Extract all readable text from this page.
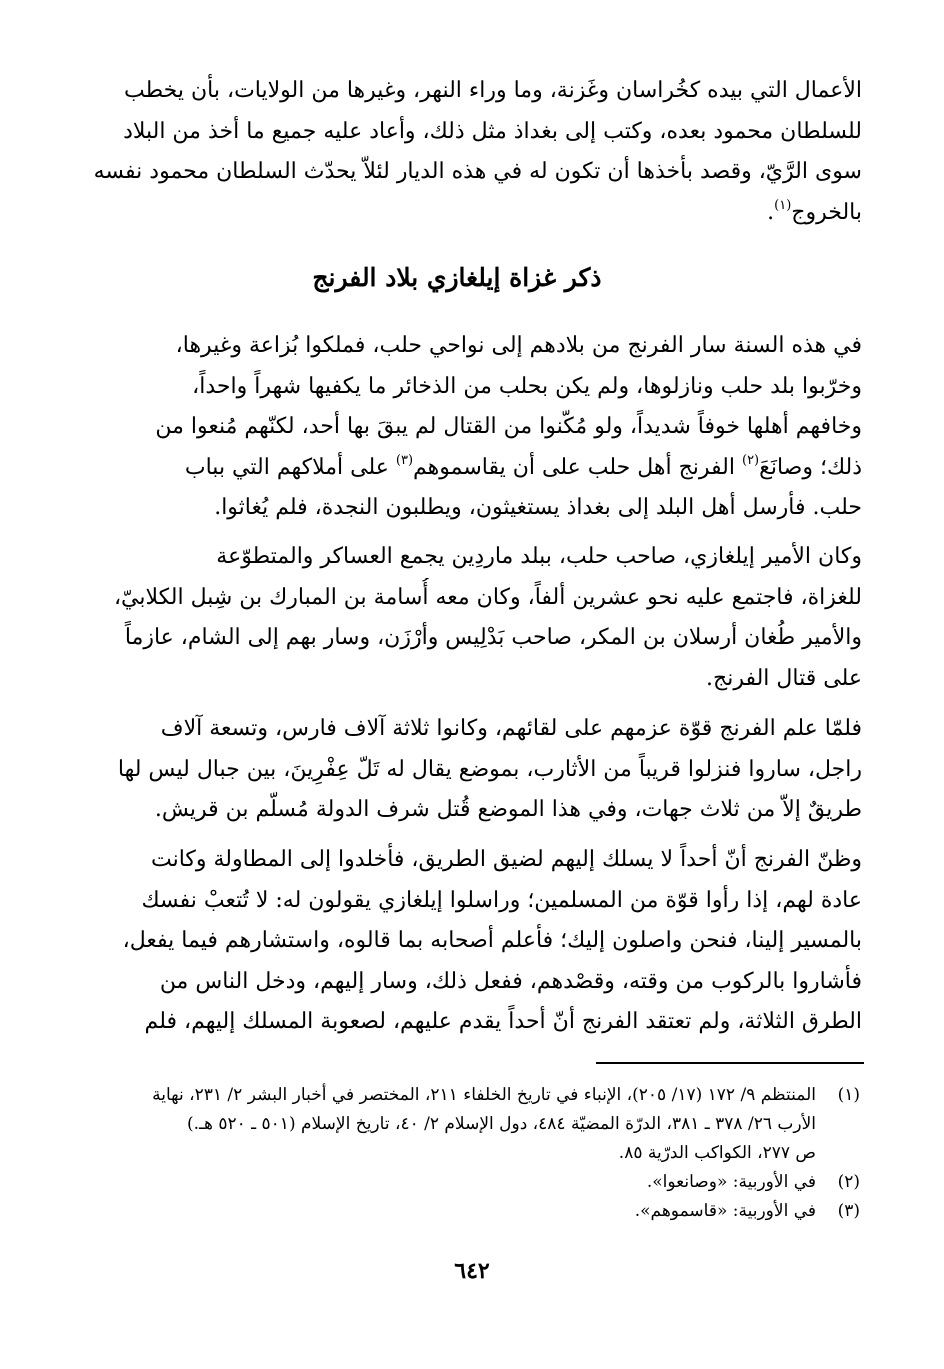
الأعمال التي بيده كخُراسان وغَزنة، وما وراء النهر، وغيرها من الولايات، بأن يخطب
للسلطان محمود بعده، وكتب إلى بغداذ مثل ذلك، وأعاد عليه جميع ما أخذ من البلاد
سوى الرَّيّ، وقصد بأخذها أن تكون له في هذه الديار لئلاّ يحدّث السلطان محمود نفسه
بالخروج$^{(١)}$.
ذكر غزاة إيلغازي بلاد الفرنج
في هذه السنة سار الفرنج من بلادهم إلى نواحي حلب، فملكوا بُزاعة وغيرها،
وخرّبوا بلد حلب ونازلوها، ولم يكن بحلب من الذخائر ما يكفيها شهراً واحداً،
وخافهم أهلها خوفاً شديداً، ولو مُكّنوا من القتال لم يبقَ بها أحد، لكنّهم مُنعوا من
ذلك؛ وصانَعَ$^{(٢)}$ الفرنج أهل حلب على أن يقاسموهم$^{(٣)}$ على أملاكهم التي بباب
حلب. فأرسل أهل البلد إلى بغداذ يستغيثون، ويطلبون النجدة، فلم يُغاثوا.
وكان الأمير إيلغازي، صاحب حلب، ببلد ماردِين يجمع العساكر والمتطوّعة
للغزاة، فاجتمع عليه نحو عشرين ألفاً، وكان معه أُسامة بن المبارك بن شِبل الكلابيّ،
والأمير طُغان أرسلان بن المكر، صاحب بَدْلِيس وأرْزَن، وسار بهم إلى الشام، عازماً
على قتال الفرنج.
فلمّا علم الفرنج قوّة عزمهم على لقائهم، وكانوا ثلاثة آلاف فارس، وتسعة آلاف
راجل، ساروا فنزلوا قريباً من الأثارب، بموضع يقال له تَلّ عِفْرِينَ، بين جبال ليس لها
طريقٌ إلاّ من ثلاث جهات، وفي هذا الموضع قُتل شرف الدولة مُسلّم بن قريش.
وظنّ الفرنج أنّ أحداً لا يسلك إليهم لضيق الطريق، فأخلدوا إلى المطاولة وكانت
عادة لهم، إذا رأوا قوّة من المسلمين؛ وراسلوا إيلغازي يقولون له: لا تُتعبْ نفسك
بالمسير إلينا، فنحن واصلون إليك؛ فأعلم أصحابه بما قالوه، واستشارهم فيما يفعل،
فأشاروا بالركوب من وقته، وقصْدهم، ففعل ذلك، وسار إليهم، ودخل الناس من
الطرق الثلاثة، ولم تعتقد الفرنج أنّ أحداً يقدم عليهم، لصعوبة المسلك إليهم، فلم
(١)
المنتظم ٩/ ١٧٢ (١٧/ ٢٠٥)، الإنباء في تاريخ الخلفاء ٢١١، المختصر في أخبار البشر ٢/ ٢٣١، نهاية
الأرب ٢٦/ ٣٧٨ ـ ٣٨١، الدرّة المضيّة ٤٨٤، دول الإسلام ٢/ ٤٠، تاريخ الإسلام (٥٠١ ـ ٥٢٠ هـ.)
ص ٢٧٧، الكواكب الدرّية ٨٥.
(٢)
في الأوربية: «وصانعوا».
(٣)
في الأوربية: «قاسموهم».
٦٤٢
